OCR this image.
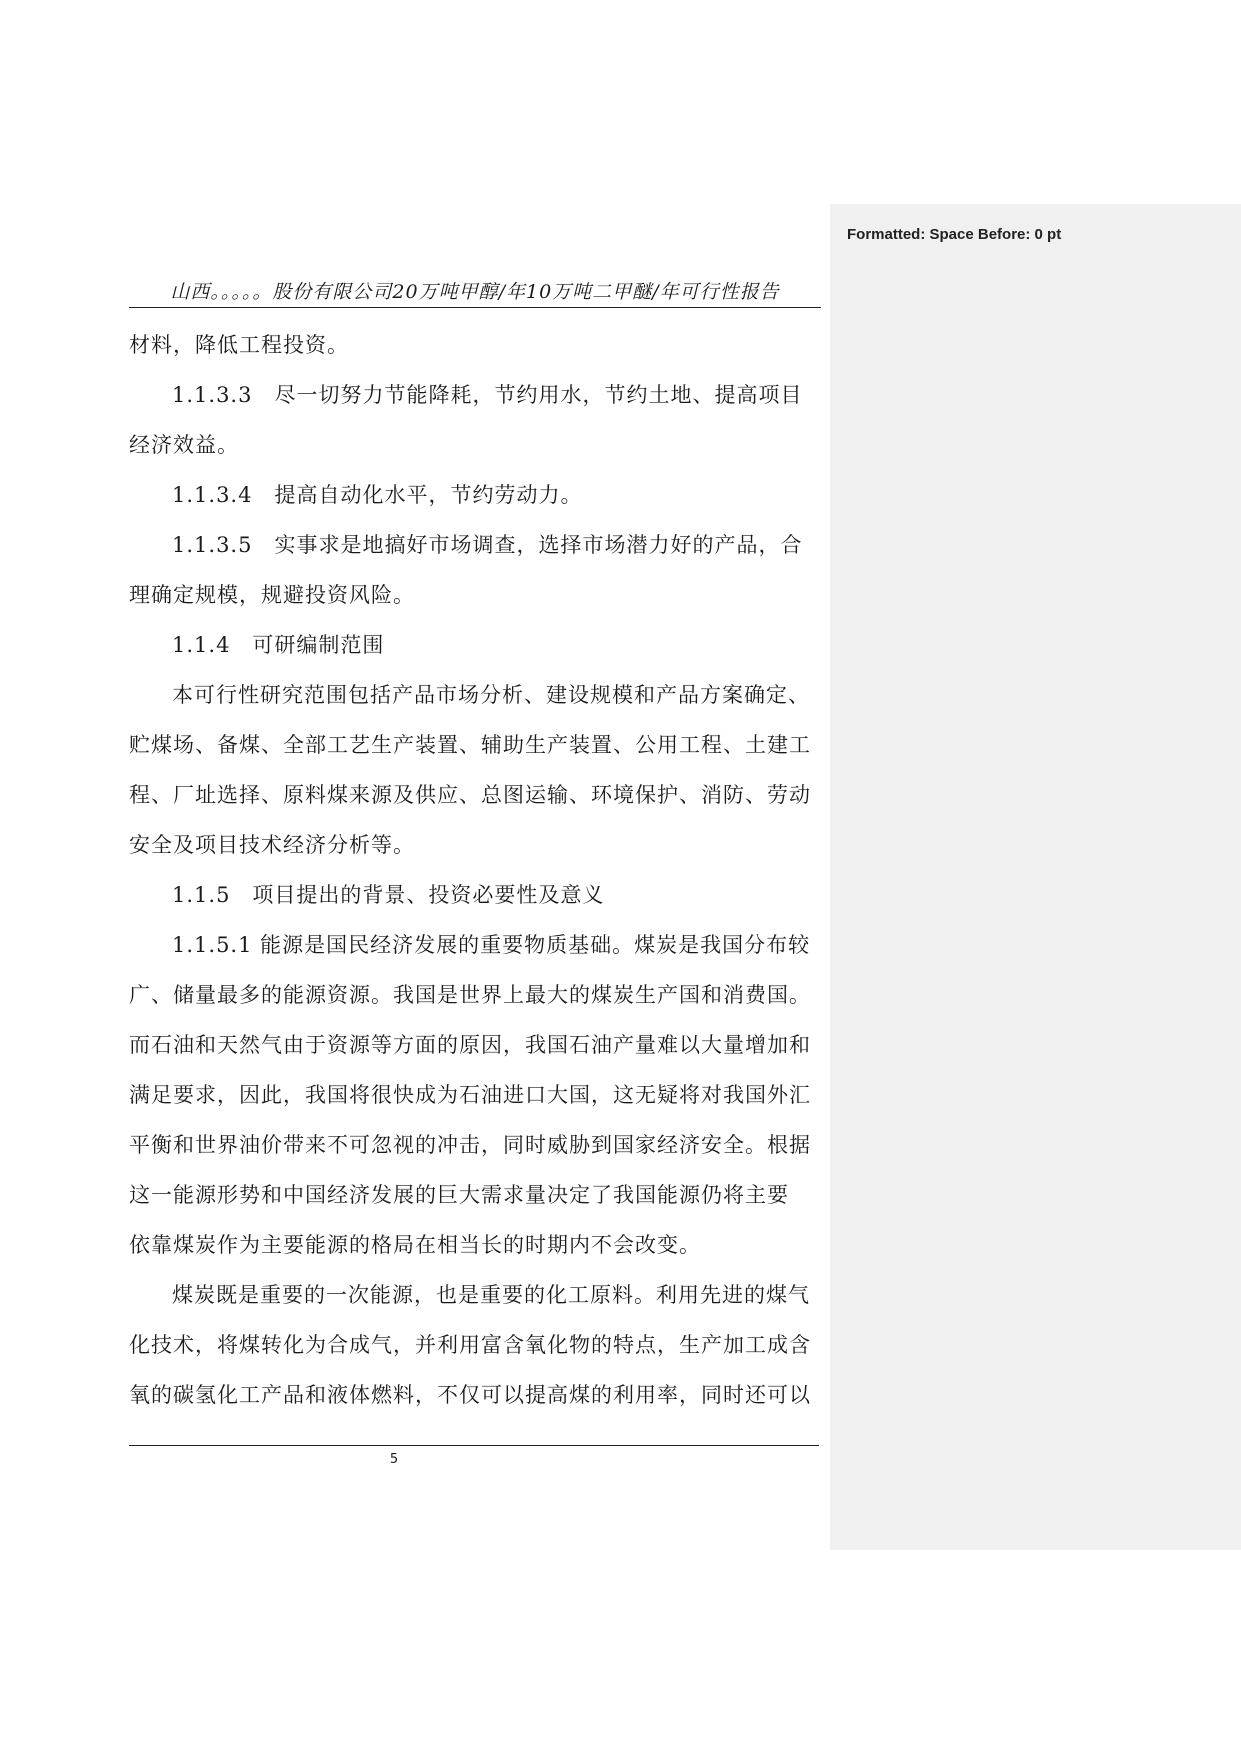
山西。。。。。股份有限公司20万吨甲醇/年10万吨二甲醚/年可行性报告
材料，降低工程投资。
1.1.3.3　尽一切努力节能降耗，节约用水，节约土地、提高项目
经济效益。
1.1.3.4　提高自动化水平，节约劳动力。
1.1.3.5　实事求是地搞好市场调查，选择市场潜力好的产品，合
理确定规模，规避投资风险。
1.1.4　可研编制范围
本可行性研究范围包括产品市场分析、建设规模和产品方案确定、
贮煤场、备煤、全部工艺生产装置、辅助生产装置、公用工程、土建工
程、厂址选择、原料煤来源及供应、总图运输、环境保护、消防、劳动
安全及项目技术经济分析等。
1.1.5　项目提出的背景、投资必要性及意义
1.1.5.1 能源是国民经济发展的重要物质基础。煤炭是我国分布较
广、储量最多的能源资源。我国是世界上最大的煤炭生产国和消费国。
而石油和天然气由于资源等方面的原因，我国石油产量难以大量增加和
满足要求，因此，我国将很快成为石油进口大国，这无疑将对我国外汇
平衡和世界油价带来不可忽视的冲击，同时威胁到国家经济安全。根据
这一能源形势和中国经济发展的巨大需求量决定了我国能源仍将主要
依靠煤炭作为主要能源的格局在相当长的时期内不会改变。
煤炭既是重要的一次能源，也是重要的化工原料。利用先进的煤气
化技术，将煤转化为合成气，并利用富含氧化物的特点，生产加工成含
氧的碳氢化工产品和液体燃料，不仅可以提高煤的利用率，同时还可以
5
Formatted: Space Before: 0 pt
